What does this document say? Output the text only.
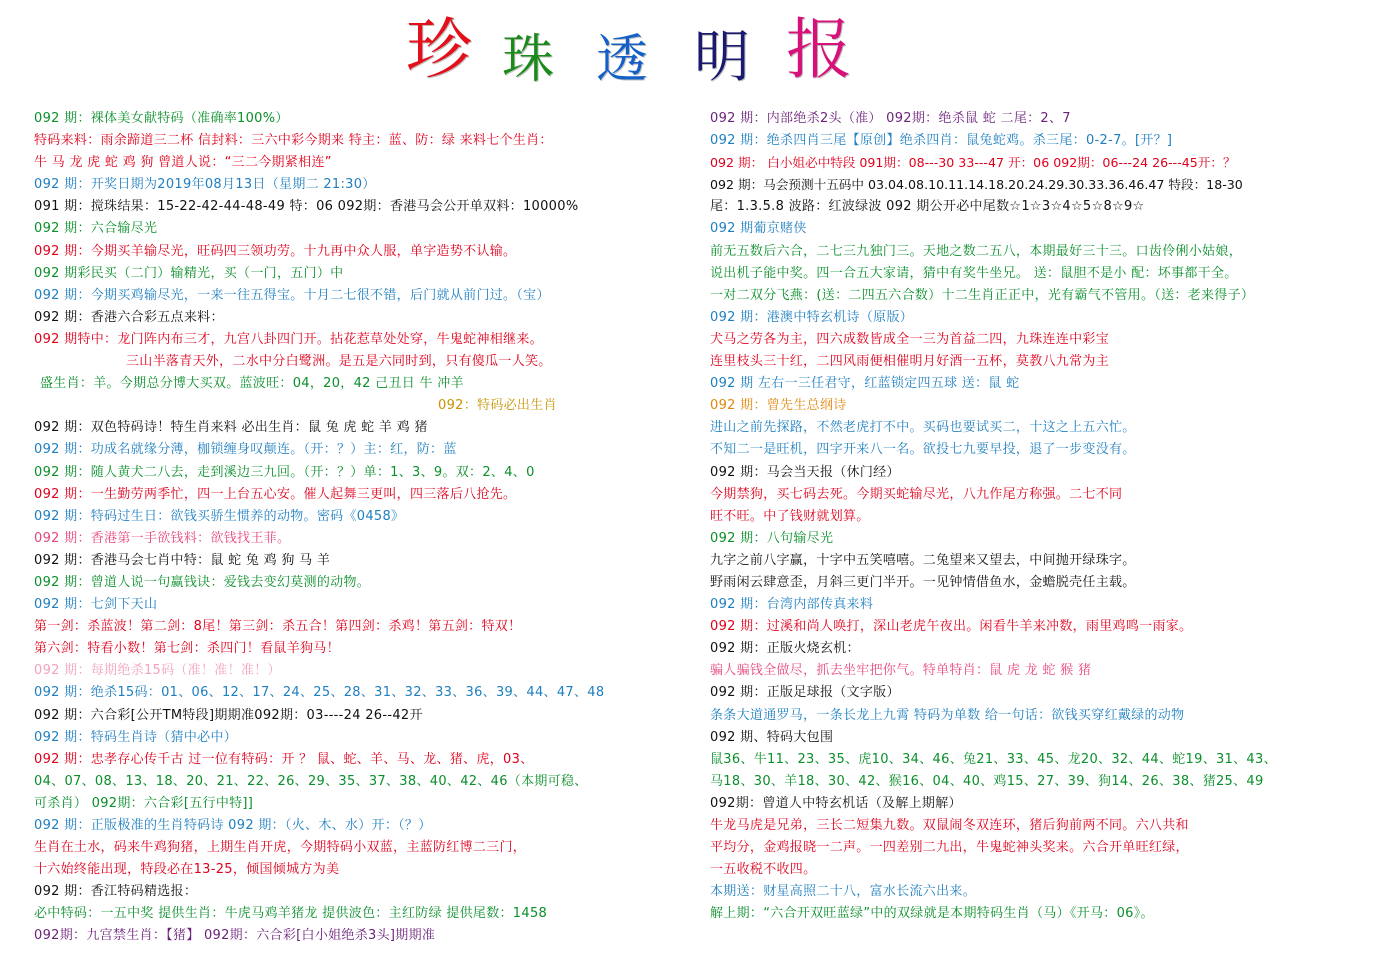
珍 珠 透 明 报
092 期：裸体美女献特码（准确率100%）
特码来料：雨余蹄道三二杯 信封料：三六中彩今期来 特主：蓝、防：绿 来料七个生肖：
牛 马 龙 虎 蛇 鸡 狗 曾道人说：“三二今期紧相连”
092 期：开奖日期为2019年08月13日（星期二 21:30）
091 期：搅珠结果：15-22-42-44-48-49 特：06 092期：香港马会公开单双料：10000%
092 期：六合输尽光
092 期：今期买羊输尽光，旺码四三领功劳。十九再中众人服，单字造势不认输。
092 期彩民买（二门）输精光，买（一门，五门）中
092 期：今期买鸡输尽光，一来一往五得宝。十月二七很不错，后门就从前门过。（宝）
092 期：香港六合彩五点来料：
092 期特中：龙门阵内布三才，九宫八卦四门开。拈花惹草处处穿，牛鬼蛇神相继来。
三山半落青天外，二水中分白鹭洲。是五是六同时到，只有傻瓜一人笑。
盛生肖：羊。今期总分博大买双。蓝波旺：04，20，42 己丑日 牛 冲羊
092：特码必出生肖
092 期：双色特码诗！特生肖来料 必出生肖：鼠 兔 虎 蛇 羊 鸡 猪
092 期：功成名就缘分薄，枷锁缠身叹颠连。（开：？）主：红，防：蓝
092 期：随人黄犬二八去，走到溪边三九回。（开：？）单：1、3、9。双：2、4、0
092 期：一生勤劳两季忙，四一上台五心安。催人起舞三更叫，四三落后八抢先。
092 期：特码过生日：欲钱买骄生惯养的动物。密码《0458》
092 期：香港第一手欲钱料：欲钱找王菲。
092 期：香港马会七肖中特：鼠 蛇 兔 鸡 狗 马 羊
092 期：曾道人说一句赢钱诀：爱钱去变幻莫测的动物。
092 期：七剑下天山
第一剑：杀蓝波！第二剑：8尾！第三剑：杀五合！第四剑：杀鸡！第五剑：特双！
第六剑：特看小数！第七剑：杀四门！看鼠羊狗马！
092 期：每期绝杀15码（准！准！准！）
092 期：绝杀15码：01、06、12、17、24、25、28、31、32、33、36、39、44、47、48
092 期：六合彩[公开TM特段]期期准092期：03----24 26--42开
092 期：特码生肖诗（猜中必中）
092 期：忠孝存心传千古 过一位有特码：开 ？ 鼠、蛇、羊、马、龙、猪、虎，03、
04、07、08、13、18、20、21、22、26、29、35、37、38、40、42、46（本期可稳、
可杀肖） 092期：六合彩[五行中特]]
092 期：正版极准的生肖特码诗 092 期：（火、木、水）开：（？）
生肖在土水，码来牛鸡狗猪，上期生肖开虎，今期特码小双蓝，主蓝防红博二三门，
十六始终能出现，特段必在13-25，倾国倾城方为美
092 期：香江特码精选报：
必中特码：一五中奖 提供生肖：牛虎马鸡羊猪龙 提供波色：主红防绿 提供尾数：1458
092期：九宫禁生肖：【猪】 092期：六合彩[白小姐绝杀3头]期期准
092 期：内部绝杀2头（准） 092期：绝杀鼠 蛇 二尾：2、7
092 期：绝杀四肖三尾【原创】绝杀四肖：鼠兔蛇鸡。杀三尾：0-2-7。[开？]
092 期： 白小姐必中特段 091期：08---30 33---47 开：06 092期：06---24 26---45开：？
092 期：马会预测十五码中 03.04.08.10.11.14.18.20.24.29.30.33.36.46.47 特段：18-30
尾：1.3.5.8 波路：红波绿波 092 期公开必中尾数☆1☆3☆4☆5☆8☆9☆
092 期葡京赌侠
前无五数后六合，二七三九独门三。天地之数二五八，本期最好三十三。口齿伶俐小姑娘，
说出机子能中奖。四一合五大家请，猜中有奖牛坐兄。 送：鼠胆不是小 配：坏事都干全。
一对二双分飞燕：(送：二四五六合数）十二生肖正正中，光有霸气不管用。（送：老来得子）
092 期：港澳中特玄机诗（原版）
犬马之劳各为主，四六成数皆成全一三为首益二四，九珠连连中彩宝
连里枝头三十红，二四风雨便相催明月好酒一五杯，莫教八九常为主
092 期 左右一三任君守，红蓝锁定四五球 送：鼠 蛇
092 期：曾先生总纲诗
进山之前先探路，不然老虎打不中。买码也要试买二，十这之上五六忙。
不知二一是旺机，四字开来八一名。欲投七九要早投，退了一步变没有。
092 期：马会当天报（休门经）
今期禁狗，买七码去死。今期买蛇输尽光，八九作尾方称强。二七不同
旺不旺。中了钱财就划算。
092 期：八句输尽光
九字之前八字赢，十字中五笑嘻嘻。二兔望来又望去，中间抛开绿珠字。
野雨闲云肆意歪，月斜三更门半开。一见钟情借鱼水，金蟾脱壳任主载。
092 期：台湾内部传真来料
092 期：过溪和尚人唤打，深山老虎午夜出。闲看牛羊来冲数，雨里鸡鸣一雨家。
092 期：正版火烧玄机：
骗人骗钱全做尽，抓去坐牢把你气。特单特肖：鼠 虎 龙 蛇 猴 猪
092 期：正版足球报（文字版）
条条大道通罗马，一条长龙上九霄 特码为单数 给一句话：欲钱买穿红戴绿的动物
092 期、特码大包围
鼠36、牛11、23、35、虎10、34、46、兔21、33、45、龙20、32、44、蛇19、31、43、
马18、30、羊18、30、42、猴16、04、40、鸡15、27、39、狗14、26、38、猪25、49
092期：曾道人中特玄机话（及解上期解）
牛龙马虎是兄弟，三长二短集九数。双鼠闹冬双连环，猪后狗前两不同。六八共和
平均分，金鸡报晓一二声。一四差别二九出，牛鬼蛇神头奖来。六合开单旺红绿，
一五收税不收四。
本期送：财星高照二十八，富水长流六出来。
解上期：“六合开双旺蓝绿”中的双绿就是本期特码生肖（马）《开马：06》。
